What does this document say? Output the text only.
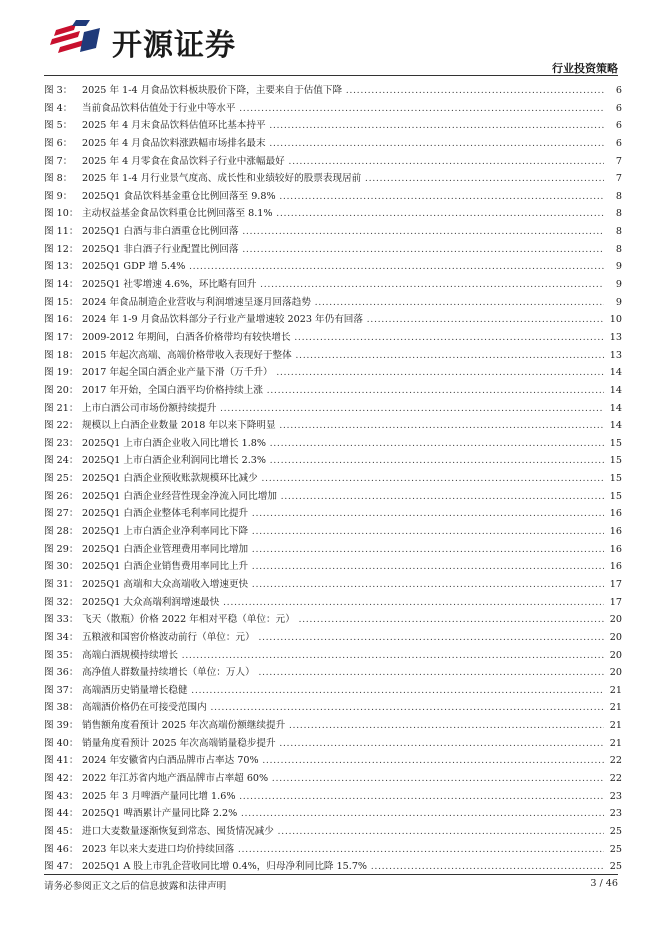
开源证券
行业投资策略
图 3： 2025 年 1-4 月食品饮料板块股价下降，主要来自于估值下降 .....	6
图 4： 当前食品饮料估值处于行业中等水平 .....	6
图 5： 2025 年 4 月末食品饮料估值环比基本持平 .....	6
图 6： 2025 年 4 月食品饮料涨跌幅市场排名最末 .....	6
图 7： 2025 年 4 月零食在食品饮料子行业中涨幅最好 .....	7
图 8： 2025 年 1-4 月行业景气度高、成长性和业绩较好的股票表现居前 .....	7
图 9： 2025Q1 食品饮料基金重仓比例回落至 9.8% .....	8
图 10： 主动权益基金食品饮料重仓比例回落至 8.1% .....	8
图 11： 2025Q1 白酒与非白酒重仓比例回落 .....	8
图 12： 2025Q1 非白酒子行业配置比例回落 .....	8
图 13： 2025Q1 GDP 增 5.4% .....	9
图 14： 2025Q1 社零增速 4.6%，环比略有回升 .....	9
图 15： 2024 年食品制造企业营收与利润增速呈逐月回落趋势 .....	9
图 16： 2024 年 1-9 月食品饮料部分子行业产量增速较 2023 年仍有回落 .....	10
图 17： 2009-2012 年期间，白酒各价格带均有较快增长 .....	13
图 18： 2015 年起次高端、高端价格带收入表现好于整体 .....	13
图 19： 2017 年起全国白酒企业产量下滑（万千升） .....	14
图 20： 2017 年开始，全国白酒平均价格持续上涨 .....	14
图 21： 上市白酒公司市场份额持续提升 .....	14
图 22： 规模以上白酒企业数量 2018 年以来下降明显 .....	14
图 23： 2025Q1 上市白酒企业收入同比增长 1.8% .....	15
图 24： 2025Q1 上市白酒企业利润同比增长 2.3% .....	15
图 25： 2025Q1 白酒企业预收账款规模环比减少 .....	15
图 26： 2025Q1 白酒企业经营性现金净流入同比增加 .....	15
图 27： 2025Q1 白酒企业整体毛利率同比提升 .....	16
图 28： 2025Q1 上市白酒企业净利率同比下降 .....	16
图 29： 2025Q1 白酒企业管理费用率同比增加 .....	16
图 30： 2025Q1 白酒企业销售费用率同比上升 .....	16
图 31： 2025Q1 高端和大众高端收入增速更快 .....	17
图 32： 2025Q1 大众高端利润增速最快 .....	17
图 33： 飞天（散瓶）价格 2022 年相对平稳（单位：元） .....	20
图 34： 五粮液和国窖价格波动前行（单位：元） .....	20
图 35： 高端白酒规模持续增长 .....	20
图 36： 高净值人群数量持续增长（单位：万人） .....	20
图 37： 高端酒历史销量增长稳健 .....	21
图 38： 高端酒价格仍在可接受范围内 .....	21
图 39： 销售额角度看预计 2025 年次高端份额继续提升 .....	21
图 40： 销量角度看预计 2025 年次高端销量稳步提升 .....	21
图 41： 2024 年安徽省内白酒品牌市占率达 70% .....	22
图 42： 2022 年江苏省内地产酒品牌市占率超 60% .....	22
图 43： 2025 年 3 月啤酒产量同比增 1.6% .....	23
图 44： 2025Q1 啤酒累计产量同比降 2.2% .....	23
图 45： 进口大麦数量逐渐恢复到常态、囤货情况减少 .....	25
图 46： 2023 年以来大麦进口均价持续回落 .....	25
图 47： 2025Q1 A 股上市乳企营收同比增 0.4%，归母净利同比降 15.7% .....	25
请务必参阅正文之后的信息披露和法律声明	3 / 46
